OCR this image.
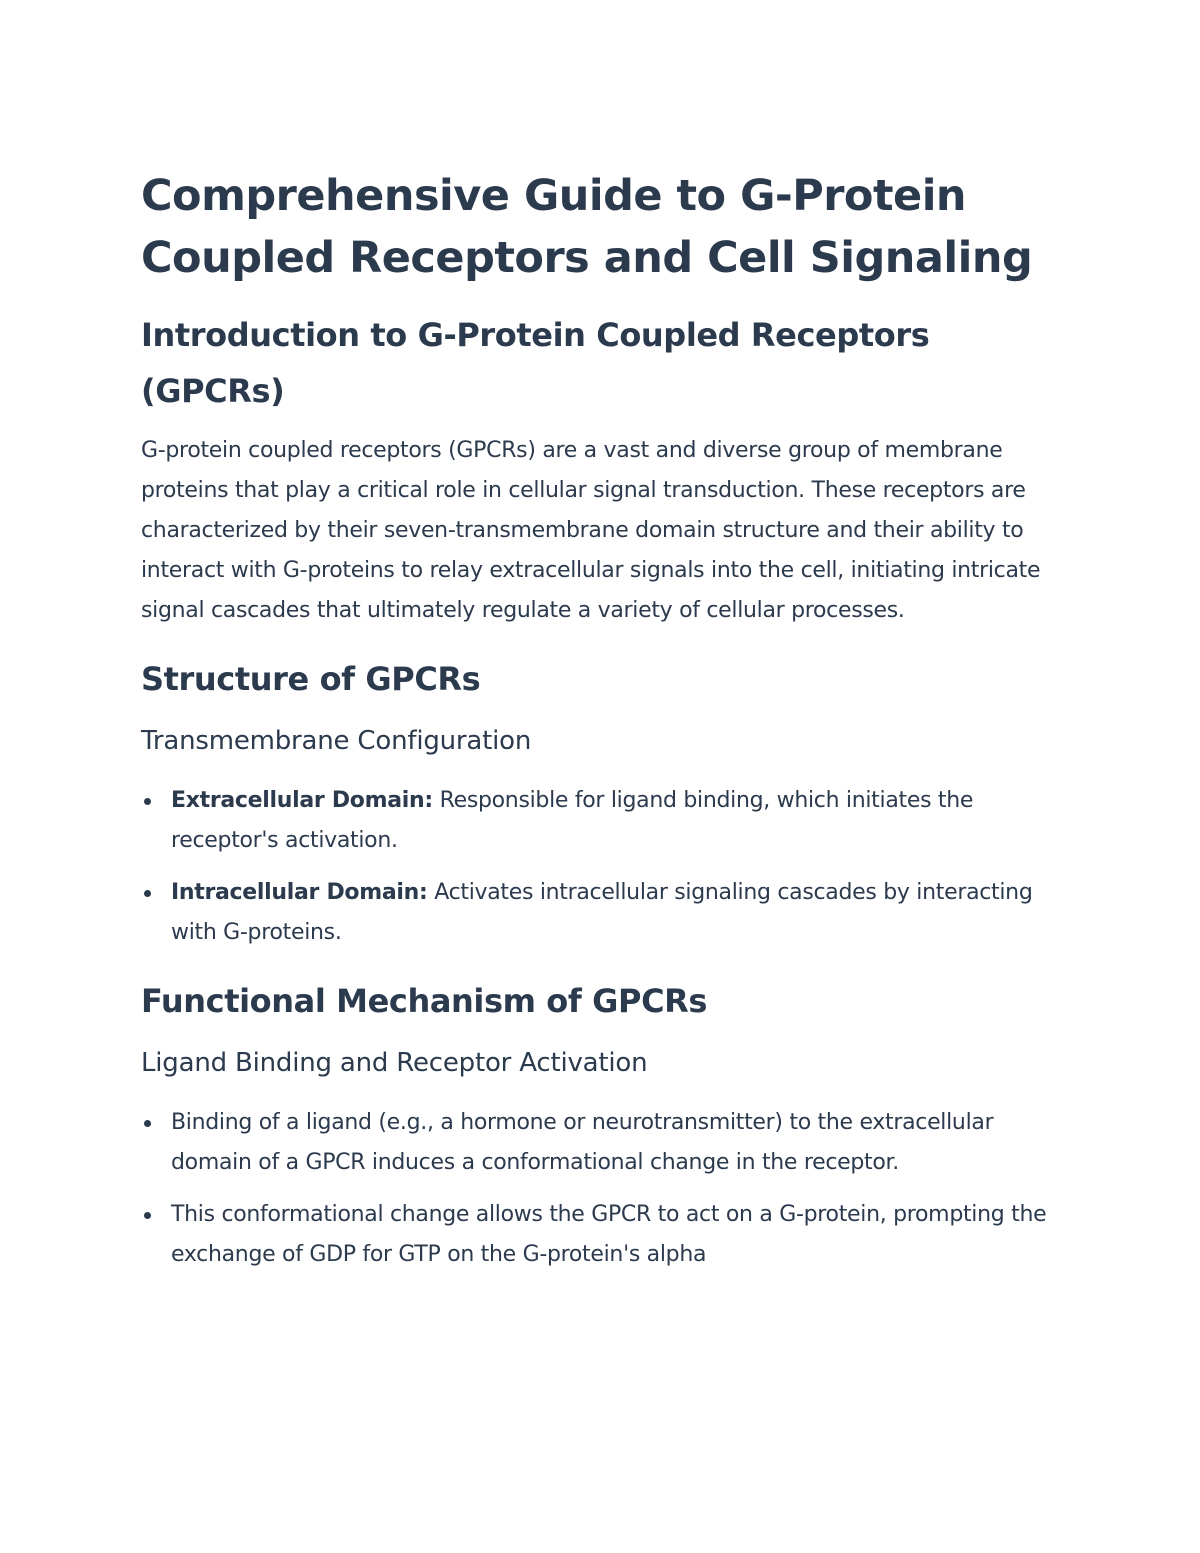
Comprehensive Guide to G-Protein Coupled Receptors and Cell Signaling
Introduction to G-Protein Coupled Receptors (GPCRs)

G-protein coupled receptors (GPCRs) are a vast and diverse group of membrane proteins that play a critical role in cellular signal transduction. These receptors are characterized by their seven-transmembrane domain structure and their ability to interact with G-proteins to relay extracellular signals into the cell, initiating intricate signal cascades that ultimately regulate a variety of cellular processes.

Structure of GPCRs
Transmembrane Configuration
Extracellular Domain: Responsible for ligand binding, which initiates the receptor's activation.
Intracellular Domain: Activates intracellular signaling cascades by interacting with G-proteins.
Functional Mechanism of GPCRs
Ligand Binding and Receptor Activation
Binding of a ligand (e.g., a hormone or neurotransmitter) to the extracellular domain of a GPCR induces a conformational change in the receptor.
This conformational change allows the GPCR to act on a G-protein, prompting the exchange of GDP for GTP on the G-protein's alpha
